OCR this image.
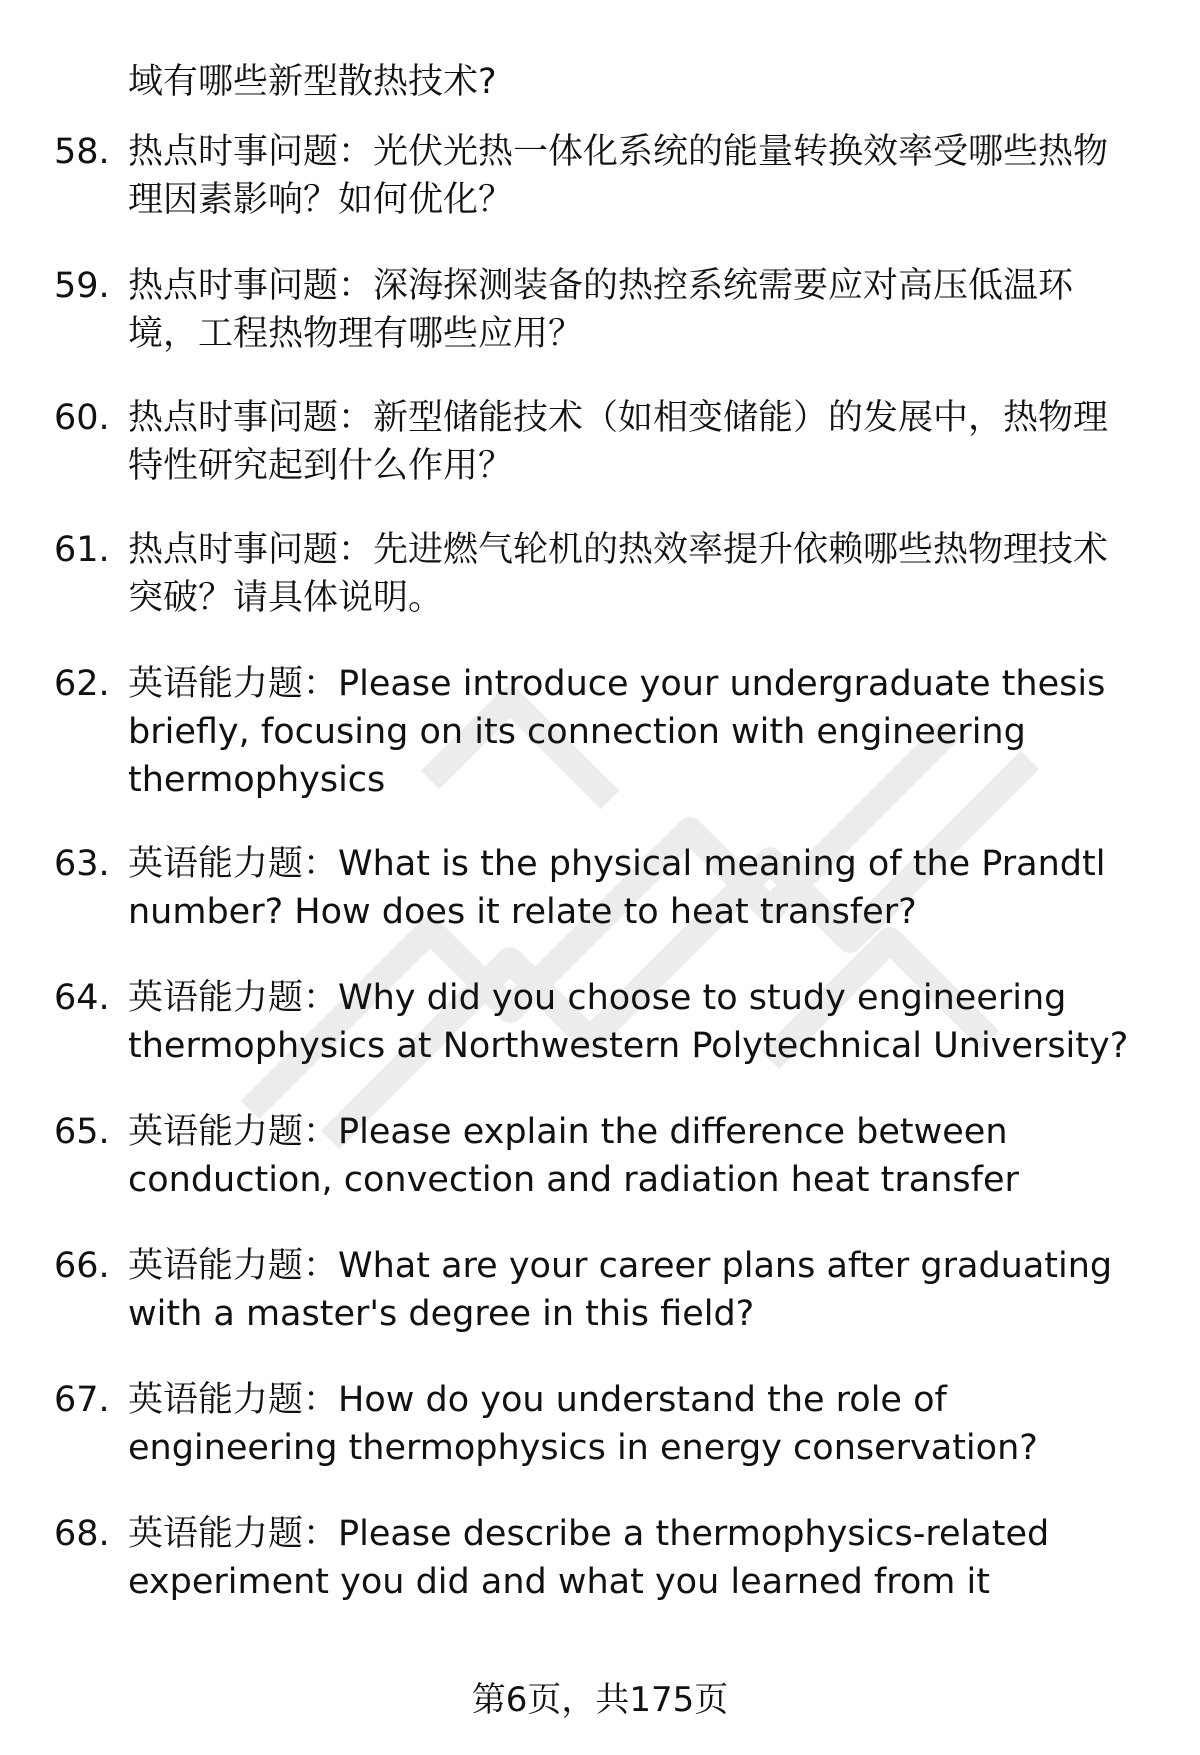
域有哪些新型散热技术?
58. 热点时事问题：光伏光热一体化系统的能量转换效率受哪些热物理因素影响？如何优化？
59. 热点时事问题：深海探测装备的热控系统需要应对高压低温环境，工程热物理有哪些应用？
60. 热点时事问题：新型储能技术（如相变储能）的发展中，热物理特性研究起到什么作用？
61. 热点时事问题：先进燃气轮机的热效率提升依赖哪些热物理技术突破？请具体说明。
62. 英语能力题：Please introduce your undergraduate thesis briefly, focusing on its connection with engineering thermophysics
63. 英语能力题：What is the physical meaning of the Prandtl number? How does it relate to heat transfer?
64. 英语能力题：Why did you choose to study engineering thermophysics at Northwestern Polytechnical University?
65. 英语能力题：Please explain the difference between conduction, convection and radiation heat transfer
66. 英语能力题：What are your career plans after graduating with a master's degree in this field?
67. 英语能力题：How do you understand the role of engineering thermophysics in energy conservation?
68. 英语能力题：Please describe a thermophysics-related experiment you did and what you learned from it
第6页，共175页
